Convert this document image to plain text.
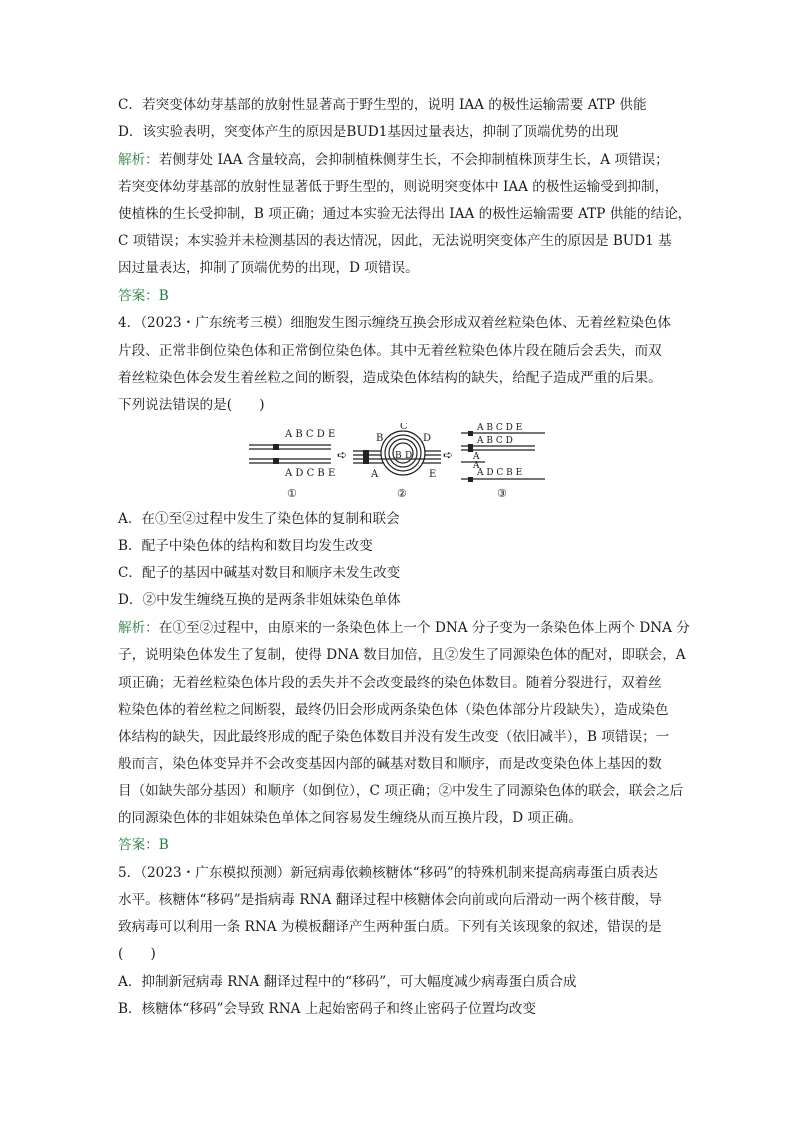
C．若突变体幼芽基部的放射性显著高于野生型的，说明 IAA 的极性运输需要 ATP 供能
D．该实验表明，突变体产生的原因是BUD1基因过量表达，抑制了顶端优势的出现
解析：若侧芽处 IAA 含量较高，会抑制植株侧芽生长，不会抑制植株顶芽生长，A 项错误；
若突变体幼芽基部的放射性显著低于野生型的，则说明突变体中 IAA 的极性运输受到抑制，
使植株的生长受抑制，B 项正确；通过本实验无法得出 IAA 的极性运输需要 ATP 供能的结论，
C 项错误；本实验并未检测基因的表达情况，因此，无法说明突变体产生的原因是 BUD1 基
因过量表达，抑制了顶端优势的出现，D 项错误。
答案：B
4．（2023・广东统考三模）细胞发生图示缠绕互换会形成双着丝粒染色体、无着丝粒染色体
片段、正常非倒位染色体和正常倒位染色体。其中无着丝粒染色体片段在随后会丢失，而双
着丝粒染色体会发生着丝粒之间的断裂，造成染色体结构的缺失，给配子造成严重的后果。
下列说法错误的是(　　)
A B C D E
A D C B E
①
➪
B
C
D
B D
A	E
②
➪
A B C D E
A B C D
A
A
A D C B E
③
A．在①至②过程中发生了染色体的复制和联会
B．配子中染色体的结构和数目均发生改变
C．配子的基因中碱基对数目和顺序未发生改变
D．②中发生缠绕互换的是两条非姐妹染色单体
解析：在①至②过程中，由原来的一条染色体上一个 DNA 分子变为一条染色体上两个 DNA 分
子，说明染色体发生了复制，使得 DNA 数目加倍，且②发生了同源染色体的配对，即联会，A
项正确；无着丝粒染色体片段的丢失并不会改变最终的染色体数目。随着分裂进行，双着丝
粒染色体的着丝粒之间断裂，最终仍旧会形成两条染色体（染色体部分片段缺失），造成染色
体结构的缺失，因此最终形成的配子染色体数目并没有发生改变（依旧减半），B 项错误；一
般而言，染色体变异并不会改变基因内部的碱基对数目和顺序，而是改变染色体上基因的数
目（如缺失部分基因）和顺序（如倒位），C 项正确；②中发生了同源染色体的联会，联会之后
的同源染色体的非姐妹染色单体之间容易发生缠绕从而互换片段，D 项正确。
答案：B
5．（2023・广东模拟预测）新冠病毒依赖核糖体“移码”的特殊机制来提高病毒蛋白质表达
水平。核糖体“移码”是指病毒 RNA 翻译过程中核糖体会向前或向后滑动一两个核苷酸，导
致病毒可以利用一条 RNA 为模板翻译产生两种蛋白质。下列有关该现象的叙述，错误的是
(　　)
A．抑制新冠病毒 RNA 翻译过程中的“移码”，可大幅度减少病毒蛋白质合成
B．核糖体“移码”会导致 RNA 上起始密码子和终止密码子位置均改变
